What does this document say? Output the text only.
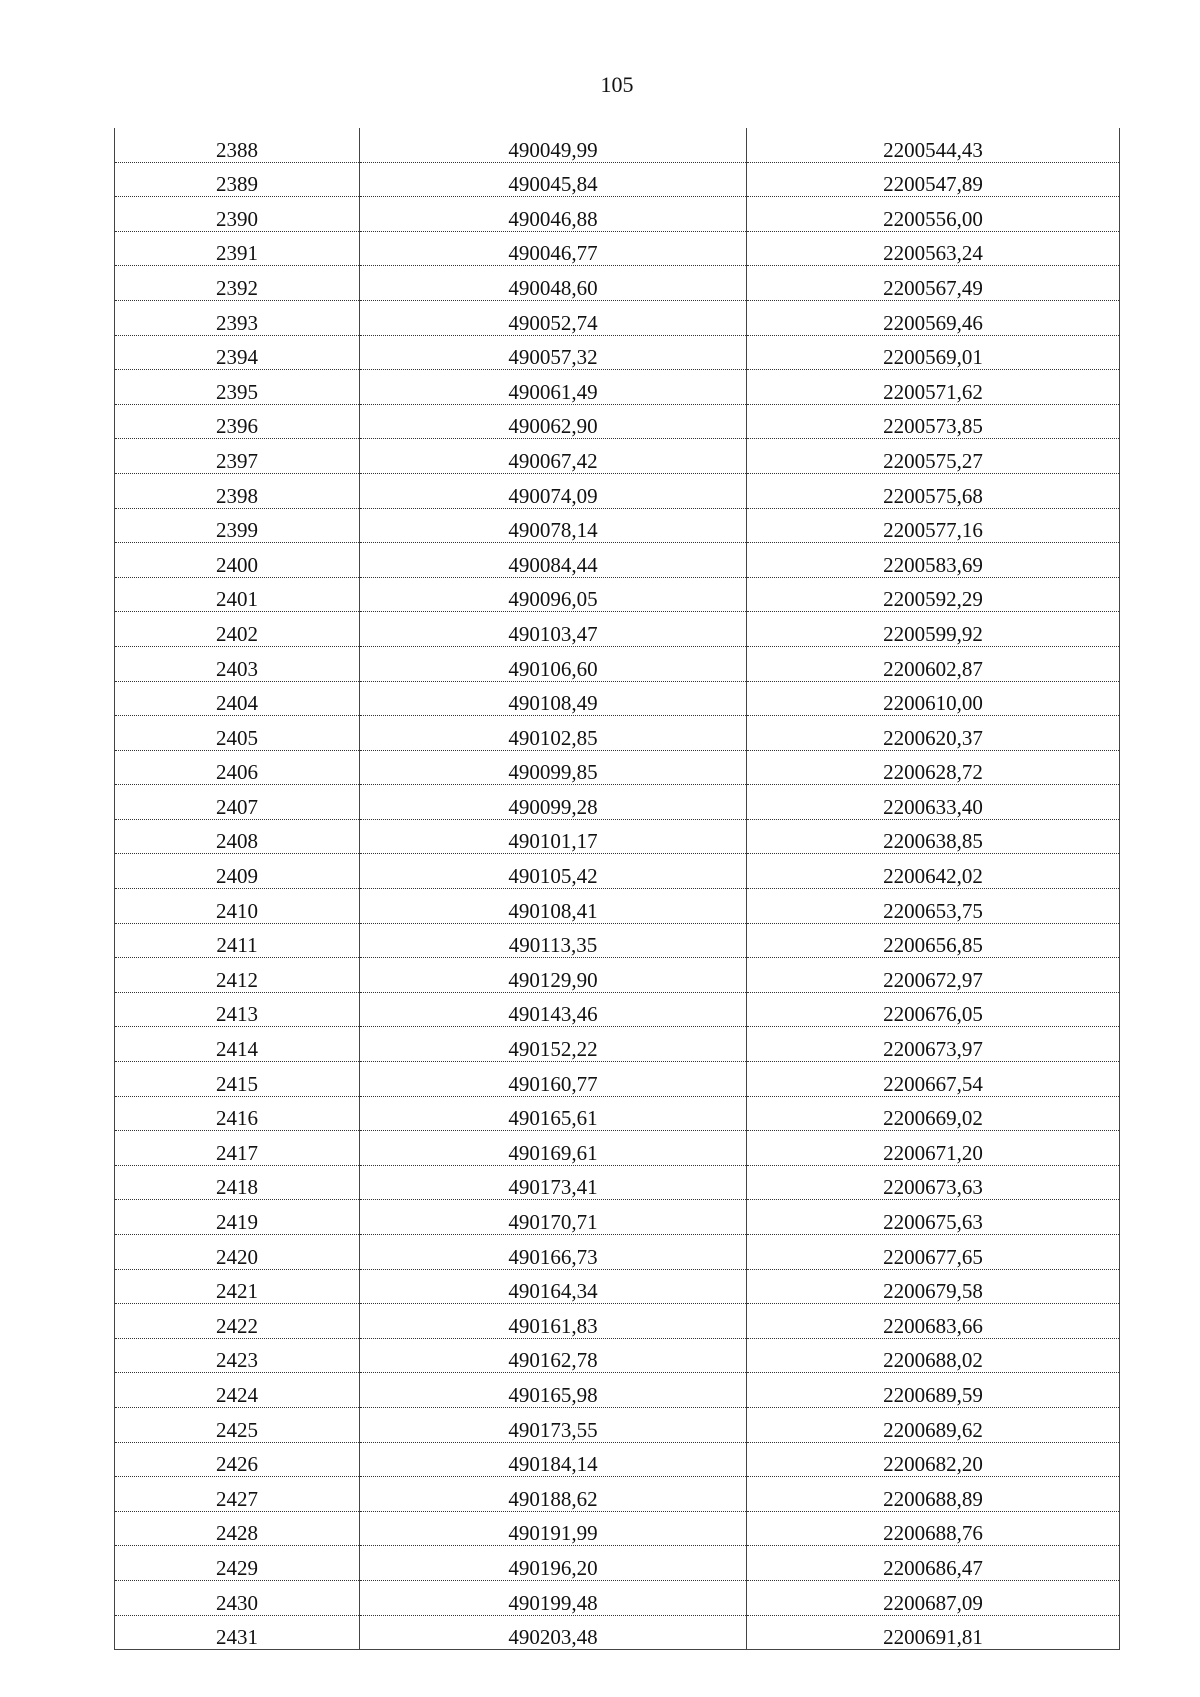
105
2388	490049,99	2200544,43
2389	490045,84	2200547,89
2390	490046,88	2200556,00
2391	490046,77	2200563,24
2392	490048,60	2200567,49
2393	490052,74	2200569,46
2394	490057,32	2200569,01
2395	490061,49	2200571,62
2396	490062,90	2200573,85
2397	490067,42	2200575,27
2398	490074,09	2200575,68
2399	490078,14	2200577,16
2400	490084,44	2200583,69
2401	490096,05	2200592,29
2402	490103,47	2200599,92
2403	490106,60	2200602,87
2404	490108,49	2200610,00
2405	490102,85	2200620,37
2406	490099,85	2200628,72
2407	490099,28	2200633,40
2408	490101,17	2200638,85
2409	490105,42	2200642,02
2410	490108,41	2200653,75
2411	490113,35	2200656,85
2412	490129,90	2200672,97
2413	490143,46	2200676,05
2414	490152,22	2200673,97
2415	490160,77	2200667,54
2416	490165,61	2200669,02
2417	490169,61	2200671,20
2418	490173,41	2200673,63
2419	490170,71	2200675,63
2420	490166,73	2200677,65
2421	490164,34	2200679,58
2422	490161,83	2200683,66
2423	490162,78	2200688,02
2424	490165,98	2200689,59
2425	490173,55	2200689,62
2426	490184,14	2200682,20
2427	490188,62	2200688,89
2428	490191,99	2200688,76
2429	490196,20	2200686,47
2430	490199,48	2200687,09
2431	490203,48	2200691,81
